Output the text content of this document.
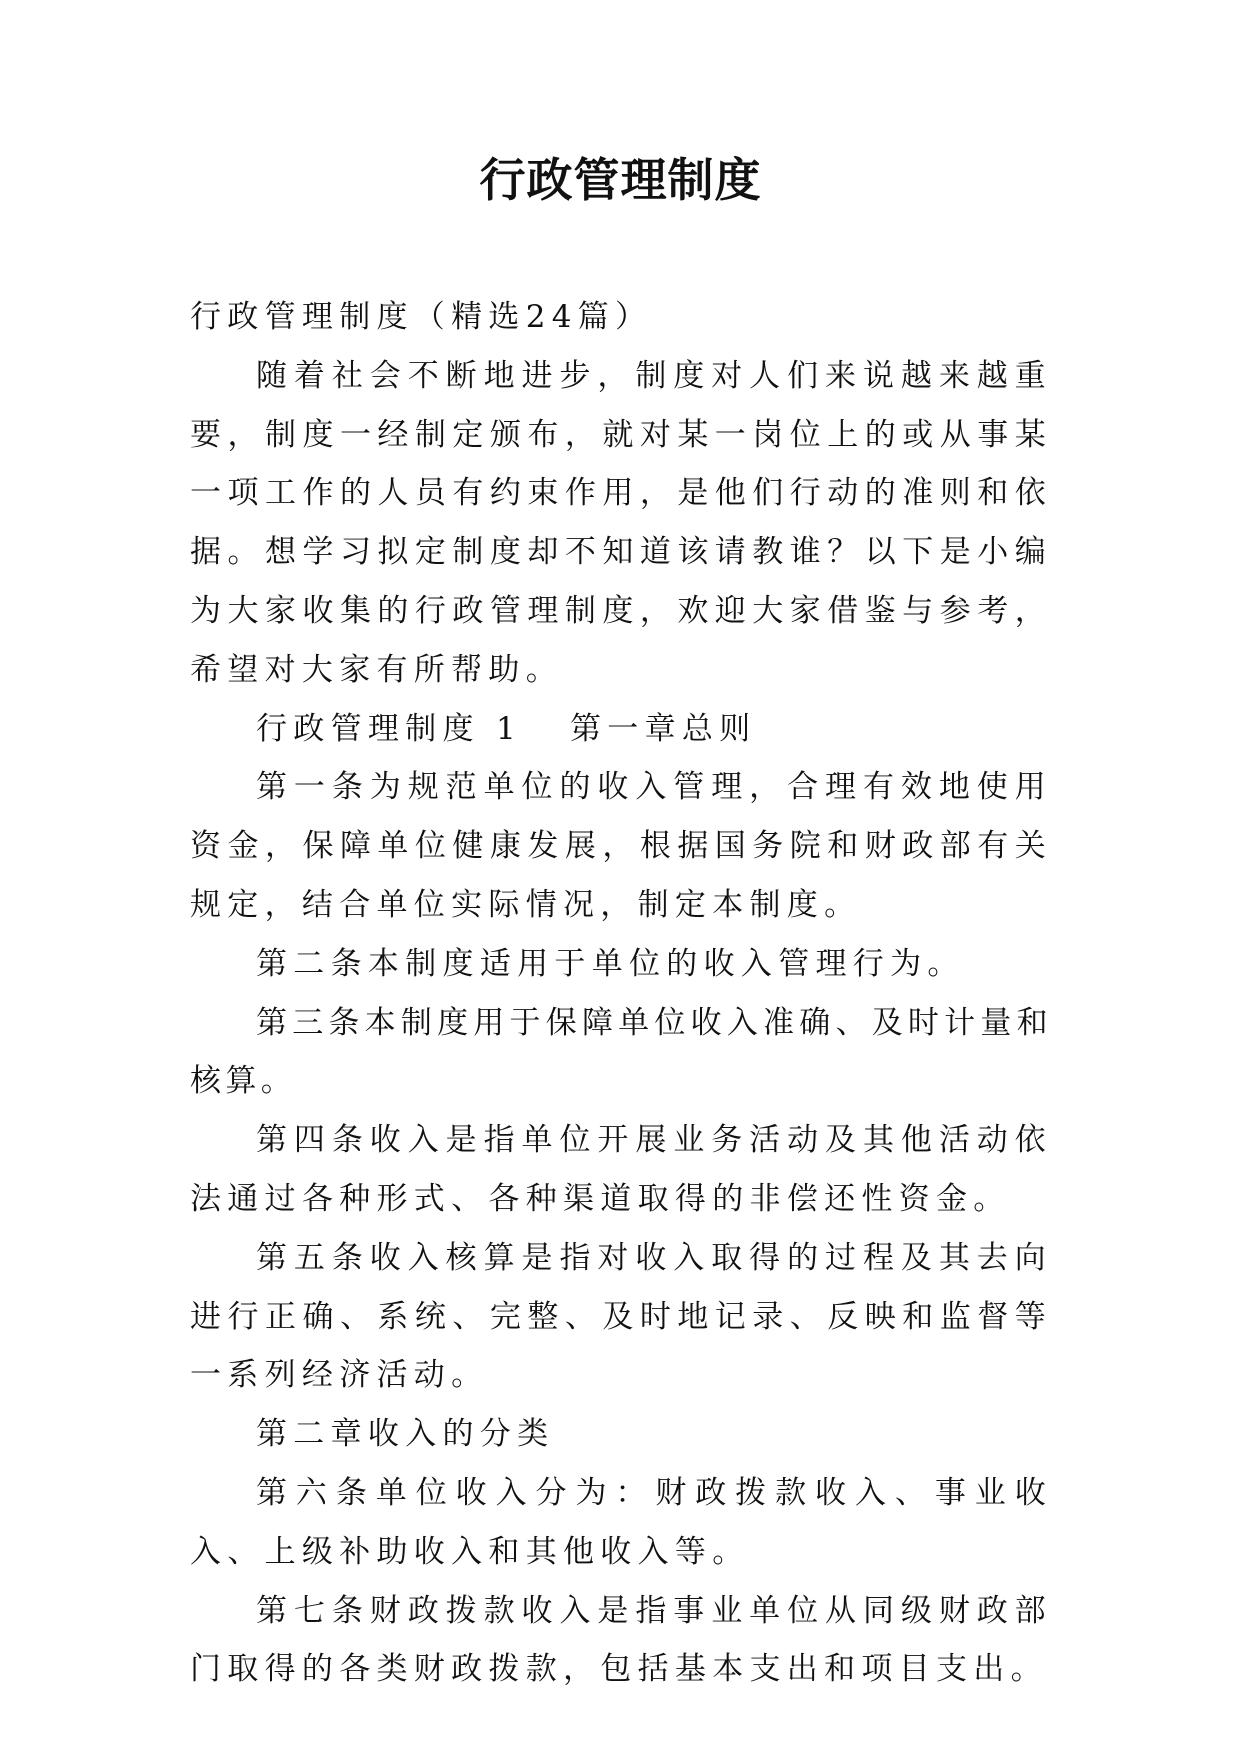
行政管理制度

行政管理制度（精选24篇）

随着社会不断地进步，制度对人们来说越来越重要，制度一经制定颁布，就对某一岗位上的或从事某一项工作的人员有约束作用，是他们行动的准则和依据。想学习拟定制度却不知道该请教谁？以下是小编为大家收集的行政管理制度，欢迎大家借鉴与参考，希望对大家有所帮助。

行政管理制度 1 第一章总则

第一条为规范单位的收入管理，合理有效地使用资金，保障单位健康发展，根据国务院和财政部有关规定，结合单位实际情况，制定本制度。

第二条本制度适用于单位的收入管理行为。

第三条本制度用于保障单位收入准确、及时计量和核算。

第四条收入是指单位开展业务活动及其他活动依法通过各种形式、各种渠道取得的非偿还性资金。

第五条收入核算是指对收入取得的过程及其去向进行正确、系统、完整、及时地记录、反映和监督等一系列经济活动。

第二章收入的分类

第六条单位收入分为：财政拨款收入、事业收入、上级补助收入和其他收入等。

第七条财政拨款收入是指事业单位从同级财政部门取得的各类财政拨款，包括基本支出和项目支出。
